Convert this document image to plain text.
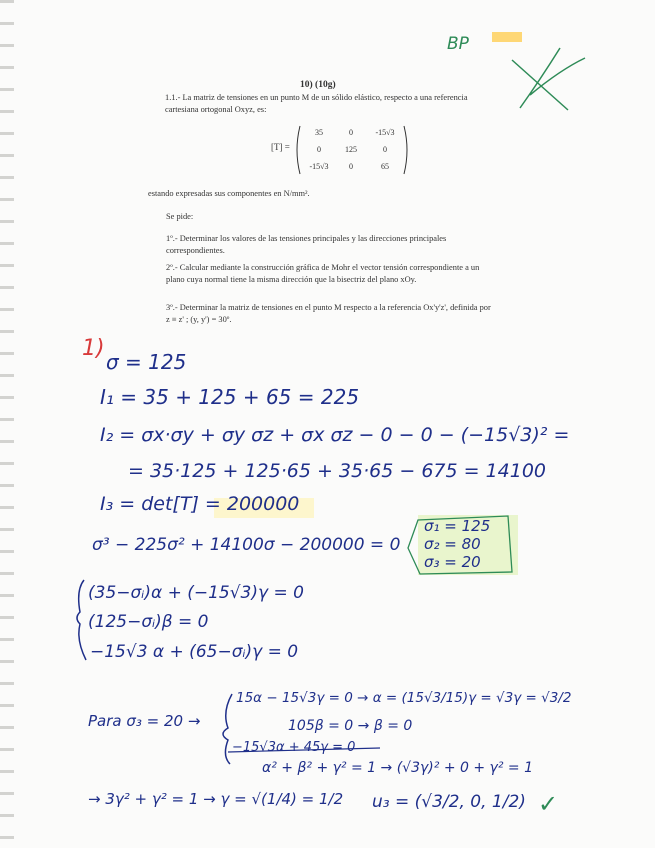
BP
10) (10g)
1.1.- La matriz de tensiones en un punto M de un sólido elástico, respecto a una referencia cartesiana ortogonal Oxyz, es:
[T] =
35	0	-15√3
0	125	0
-15√3	0	65
estando expresadas sus componentes en N/mm².
Se pide:
1º.- Determinar los valores de las tensiones principales y las direcciones principales correspondientes.
2º.- Calcular mediante la construcción gráfica de Mohr el vector tensión correspondiente a un plano cuya normal tiene la misma dirección que la bisectriz del plano xOy.
3º.- Determinar la matriz de tensiones en el punto M respecto a la referencia Ox'y'z', definida por z ≡ z' ; (y, y') = 30º.
1)
σ = 125
I₁ = 35 + 125 + 65 = 225
I₂ = σx·σy + σy σz + σx σz − 0 − 0 − (−15√3)² =
= 35·125 + 125·65 + 35·65 − 675 = 14100
I₃ = det[T] = 200000
σ³ − 225σ² + 14100σ − 200000 = 0
σ₁ = 125
σ₂ = 80
σ₃ = 20
(35−σᵢ)α + (−15√3)γ = 0
(125−σᵢ)β = 0
−15√3 α + (65−σᵢ)γ = 0
Para σ₃ = 20 →
15α − 15√3γ = 0 → α = (15√3/15)γ = √3γ = √3/2
105β = 0 → β = 0
−15√3α + 45γ = 0
α² + β² + γ² = 1 → (√3γ)² + 0 + γ² = 1
→ 3γ² + γ² = 1 → γ = √(1/4) = 1/2 u₃ = (√3/2, 0, 1/2) ✓
